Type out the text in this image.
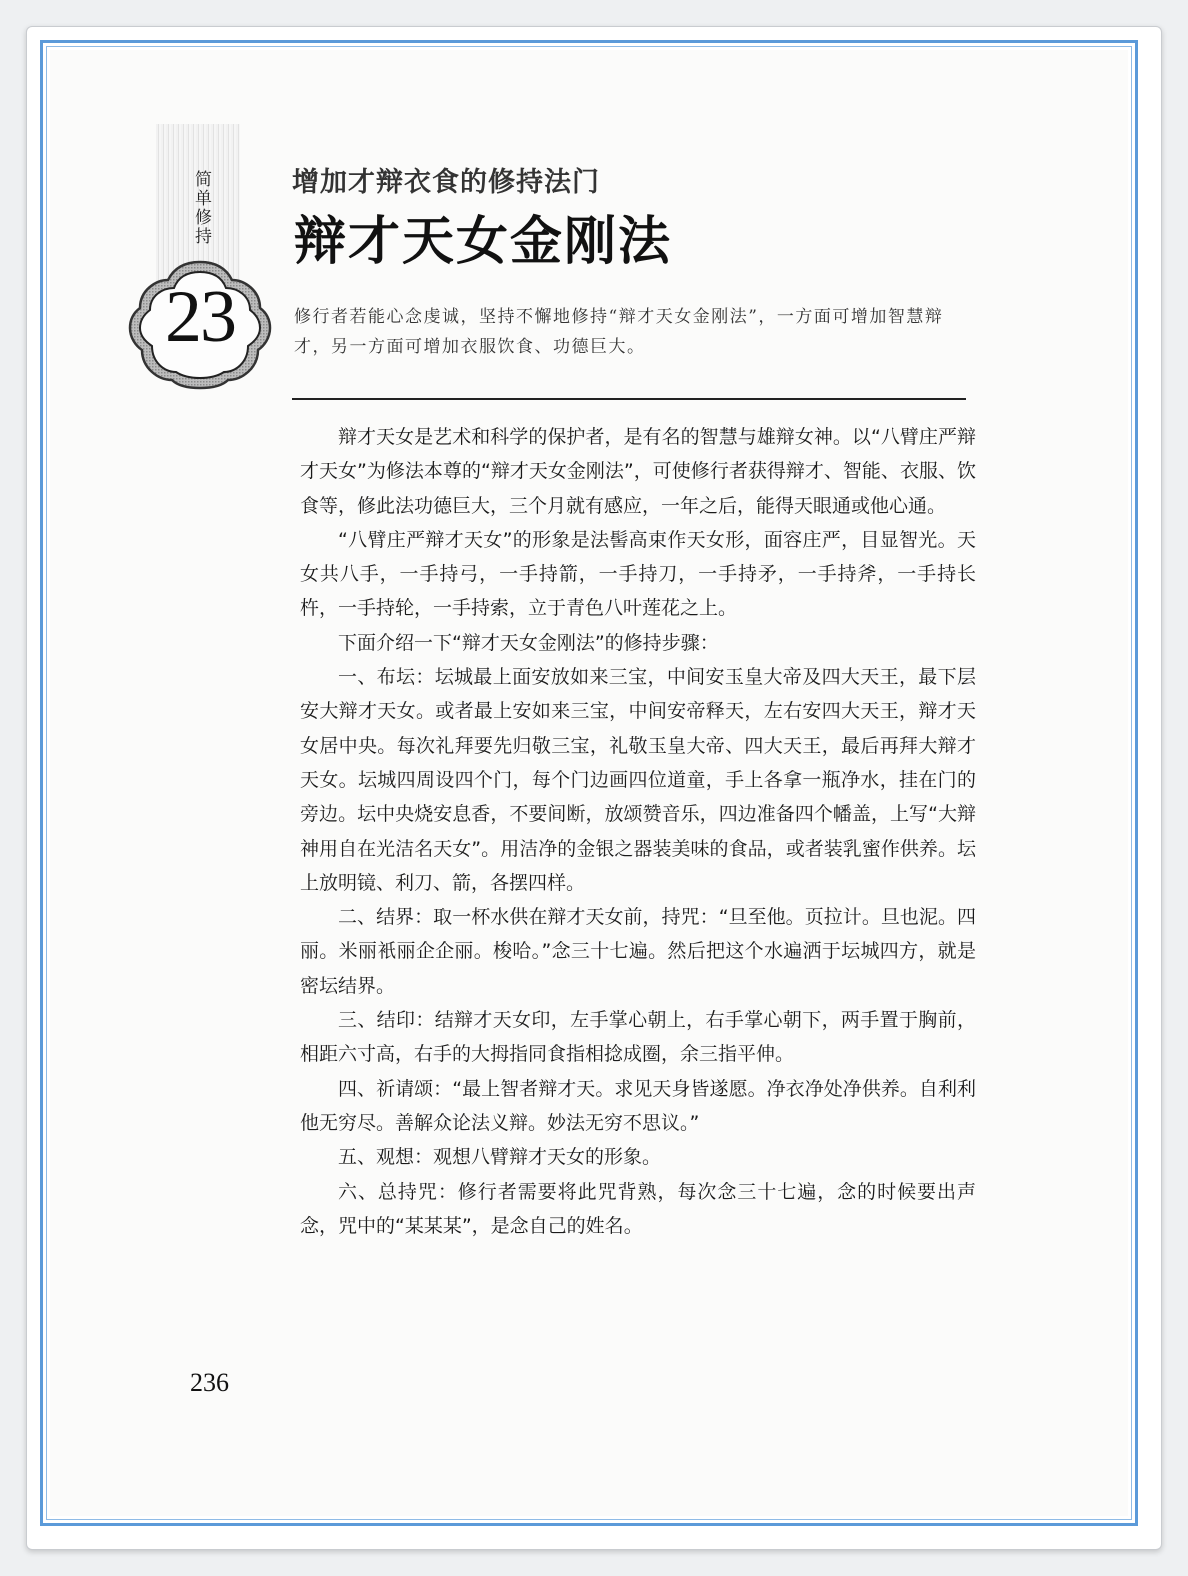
简单修持
23
增加才辩衣食的修持法门
辩才天女金刚法
修行者若能心念虔诚，坚持不懈地修持“辩才天女金刚法”，一方面可增加智慧辩才，另一方面可增加衣服饮食、功德巨大。

辩才天女是艺术和科学的保护者，是有名的智慧与雄辩女神。以“八臂庄严辩才天女”为修法本尊的“辩才天女金刚法”，可使修行者获得辩才、智能、衣服、饮食等，修此法功德巨大，三个月就有感应，一年之后，能得天眼通或他心通。

“八臂庄严辩才天女”的形象是法髻高束作天女形，面容庄严，目显智光。天女共八手，一手持弓，一手持箭，一手持刀，一手持矛，一手持斧，一手持长杵，一手持轮，一手持索，立于青色八叶莲花之上。

下面介绍一下“辩才天女金刚法”的修持步骤：

一、布坛：坛城最上面安放如来三宝，中间安玉皇大帝及四大天王，最下层安大辩才天女。或者最上安如来三宝，中间安帝释天，左右安四大天王，辩才天女居中央。每次礼拜要先归敬三宝，礼敬玉皇大帝、四大天王，最后再拜大辩才天女。坛城四周设四个门，每个门边画四位道童，手上各拿一瓶净水，挂在门的旁边。坛中央烧安息香，不要间断，放颂赞音乐，四边准备四个幡盖，上写“大辩神用自在光洁名天女”。用洁净的金银之器装美味的食品，或者装乳蜜作供养。坛上放明镜、利刀、箭，各摆四样。

二、结界：取一杯水供在辩才天女前，持咒：“旦至他。页拉计。旦也泥。四丽。米丽衹丽企企丽。梭哈。”念三十七遍。然后把这个水遍洒于坛城四方，就是密坛结界。

三、结印：结辩才天女印，左手掌心朝上，右手掌心朝下，两手置于胸前，相距六寸高，右手的大拇指同食指相捻成圈，余三指平伸。

四、祈请颂：“最上智者辩才天。求见天身皆遂愿。净衣净处净供养。自利利他无穷尽。善解众论法义辩。妙法无穷不思议。”

五、观想：观想八臂辩才天女的形象。

六、总持咒：修行者需要将此咒背熟，每次念三十七遍，念的时候要出声念，咒中的“某某某”，是念自己的姓名。

236
